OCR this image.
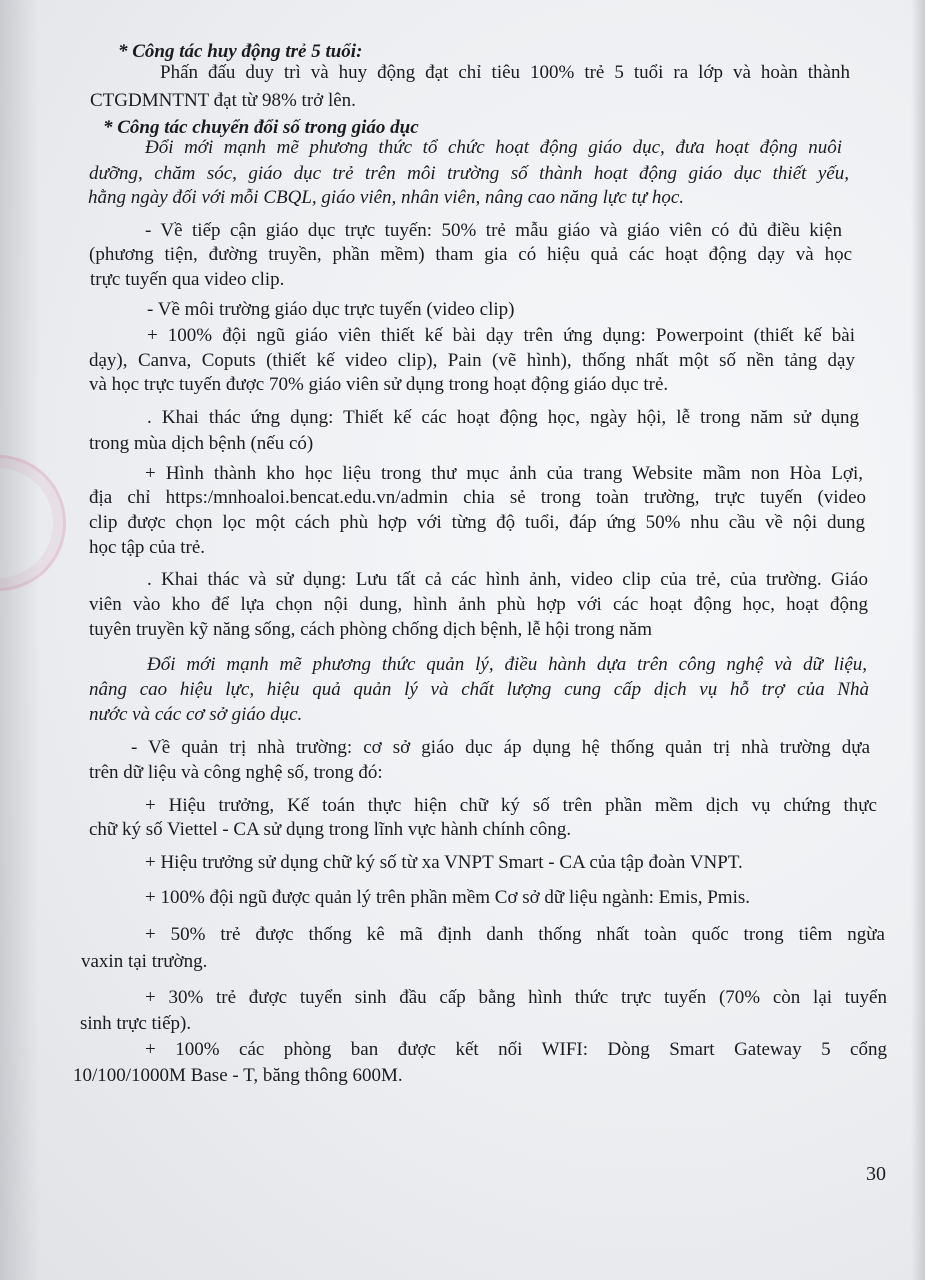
* Công tác huy động trẻ 5 tuổi:
Phấn đấu duy trì và huy động đạt chỉ tiêu 100% trẻ 5 tuổi ra lớp và hoàn thành
CTGDMNTNT đạt từ 98% trở lên.
* Công tác chuyển đổi số trong giáo dục
Đổi mới mạnh mẽ phương thức tổ chức hoạt động giáo dục, đưa hoạt động nuôi
dưỡng, chăm sóc, giáo dục trẻ trên môi trường số thành hoạt động giáo dục thiết yếu,
hằng ngày đối với mỗi CBQL, giáo viên, nhân viên, nâng cao năng lực tự học.
- Về tiếp cận giáo dục trực tuyến: 50% trẻ mẫu giáo và giáo viên có đủ điều kiện
(phương tiện, đường truyền, phần mềm) tham gia có hiệu quả các hoạt động dạy và học
trực tuyến qua video clip.
- Về môi trường giáo dục trực tuyến (video clip)
+ 100% đội ngũ giáo viên thiết kế bài dạy trên ứng dụng: Powerpoint (thiết kế bài
dạy), Canva, Coputs (thiết kế video clip), Pain (vẽ hình), thống nhất một số nền tảng dạy
và học trực tuyến được 70% giáo viên sử dụng trong hoạt động giáo dục trẻ.
. Khai thác ứng dụng: Thiết kế các hoạt động học, ngày hội, lễ trong năm sử dụng
trong mùa dịch bệnh (nếu có)
+ Hình thành kho học liệu trong thư mục ảnh của trang Website mầm non Hòa Lợi,
địa chỉ https:/mnhoaloi.bencat.edu.vn/admin chia sẻ trong toàn trường, trực tuyến (video
clip được chọn lọc một cách phù hợp với từng độ tuổi, đáp ứng 50% nhu cầu về nội dung
học tập của trẻ.
. Khai thác và sử dụng: Lưu tất cả các hình ảnh, video clip của trẻ, của trường. Giáo
viên vào kho để lựa chọn nội dung, hình ảnh phù hợp với các hoạt động học, hoạt động
tuyên truyền kỹ năng sống, cách phòng chống dịch bệnh, lễ hội trong năm
Đổi mới mạnh mẽ phương thức quản lý, điều hành dựa trên công nghệ và dữ liệu,
nâng cao hiệu lực, hiệu quả quản lý và chất lượng cung cấp dịch vụ hỗ trợ của Nhà
nước và các cơ sở giáo dục.
- Về quản trị nhà trường: cơ sở giáo dục áp dụng hệ thống quản trị nhà trường dựa
trên dữ liệu và công nghệ số, trong đó:
+ Hiệu trưởng, Kế toán thực hiện chữ ký số trên phần mềm dịch vụ chứng thực
chữ ký số Viettel - CA sử dụng trong lĩnh vực hành chính công.
+ Hiệu trưởng sử dụng chữ ký số từ xa VNPT Smart - CA của tập đoàn VNPT.
+ 100% đội ngũ được quản lý trên phần mềm Cơ sở dữ liệu ngành: Emis, Pmis.
+ 50% trẻ được thống kê mã định danh thống nhất toàn quốc trong tiêm ngừa
vaxin tại trường.
+ 30% trẻ được tuyển sinh đầu cấp bằng hình thức trực tuyến (70% còn lại tuyển
sinh trực tiếp).
+ 100% các phòng ban được kết nối WIFI: Dòng Smart Gateway 5 cổng
10/100/1000M Base - T, băng thông 600M.
30
